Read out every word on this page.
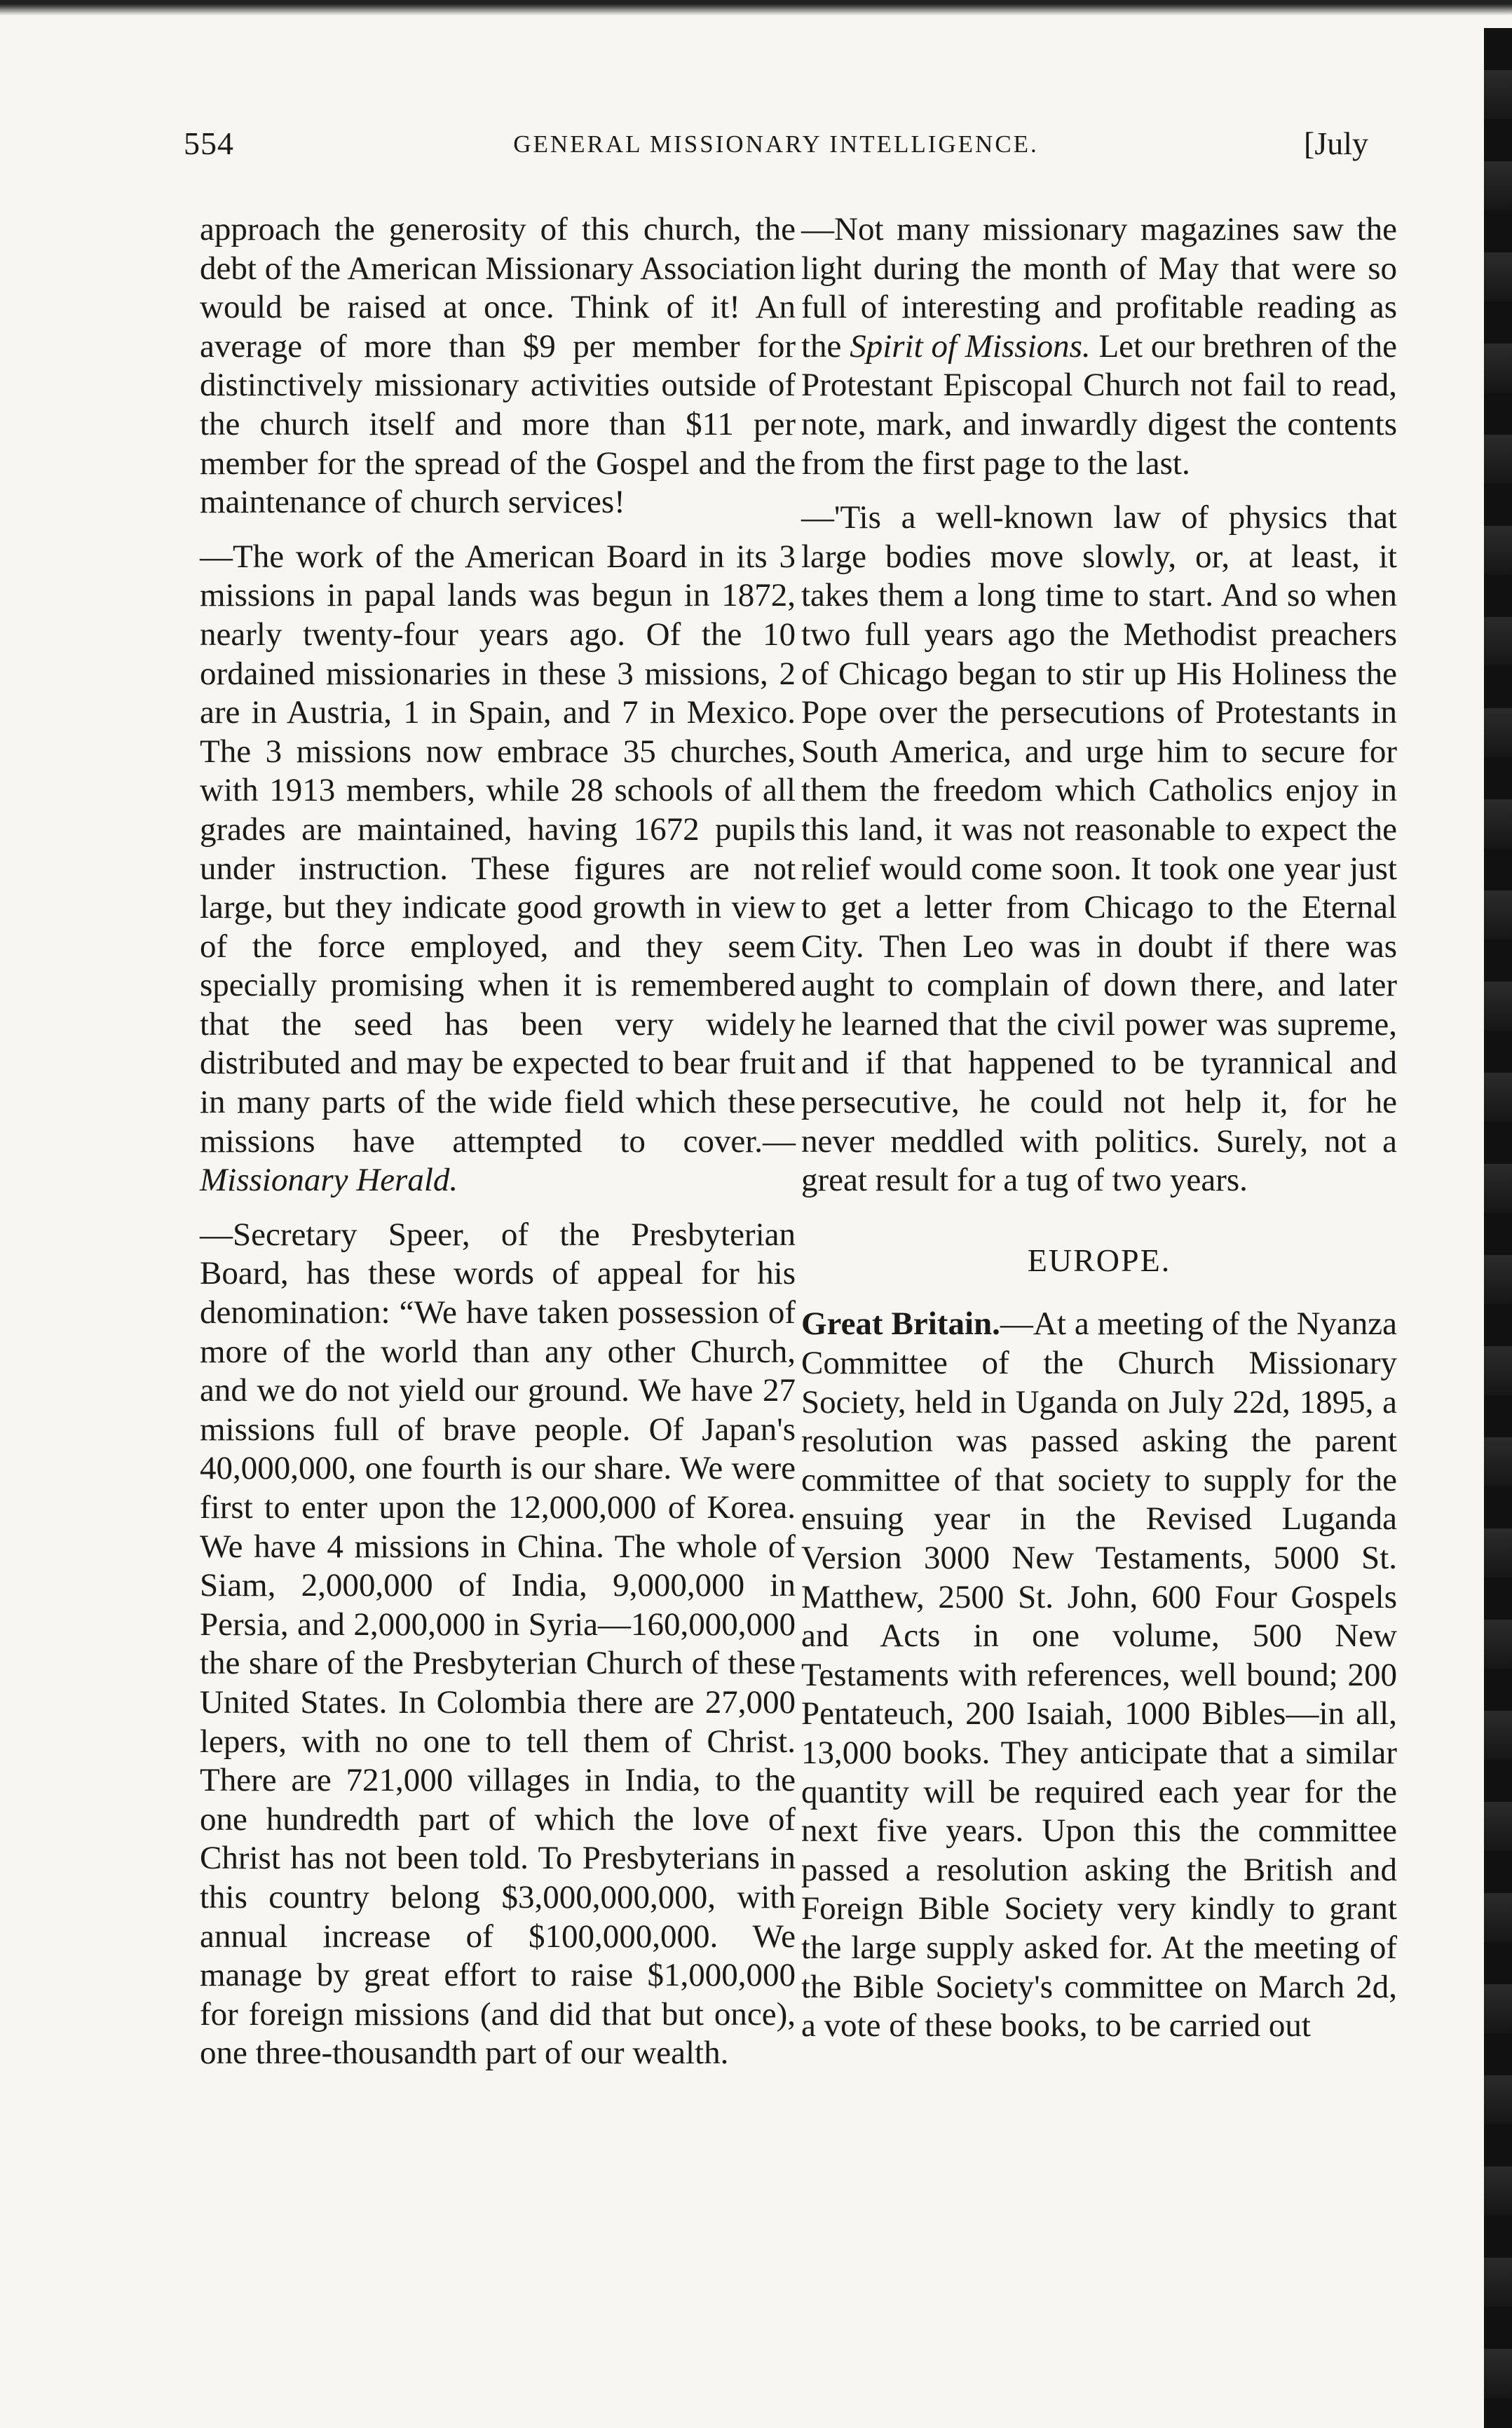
554	GENERAL MISSIONARY INTELLIGENCE.	[July

approach the generosity of this church, the debt of the American Missionary Association would be raised at once. Think of it! An average of more than $9 per member for distinctively missionary activities outside of the church itself and more than $11 per member for the spread of the Gospel and the maintenance of church services!

—The work of the American Board in its 3 missions in papal lands was begun in 1872, nearly twenty-four years ago. Of the 10 ordained missionaries in these 3 missions, 2 are in Austria, 1 in Spain, and 7 in Mexico. The 3 missions now embrace 35 churches, with 1913 members, while 28 schools of all grades are maintained, having 1672 pupils under instruction. These figures are not large, but they indicate good growth in view of the force employed, and they seem specially promising when it is remembered that the seed has been very widely distributed and may be expected to bear fruit in many parts of the wide field which these missions have attempted to cover.—Missionary Herald.

—Secretary Speer, of the Presbyterian Board, has these words of appeal for his denomination: “We have taken possession of more of the world than any other Church, and we do not yield our ground. We have 27 missions full of brave people. Of Japan's 40,000,000, one fourth is our share. We were first to enter upon the 12,000,000 of Korea. We have 4 missions in China. The whole of Siam, 2,000,000 of India, 9,000,000 in Persia, and 2,000,000 in Syria—160,000,000 the share of the Presbyterian Church of these United States. In Colombia there are 27,000 lepers, with no one to tell them of Christ. There are 721,000 villages in India, to the one hundredth part of which the love of Christ has not been told. To Presbyterians in this country belong $3,000,000,000, with annual increase of $100,000,000. We manage by great effort to raise $1,000,000 for foreign missions (and did that but once), one three-thousandth part of our wealth.

—Not many missionary magazines saw the light during the month of May that were so full of interesting and profitable reading as the Spirit of Missions. Let our brethren of the Protestant Episcopal Church not fail to read, note, mark, and inwardly digest the contents from the first page to the last.

—'Tis a well-known law of physics that large bodies move slowly, or, at least, it takes them a long time to start. And so when two full years ago the Methodist preachers of Chicago began to stir up His Holiness the Pope over the persecutions of Protestants in South America, and urge him to secure for them the freedom which Catholics enjoy in this land, it was not reasonable to expect the relief would come soon. It took one year just to get a letter from Chicago to the Eternal City. Then Leo was in doubt if there was aught to complain of down there, and later he learned that the civil power was supreme, and if that happened to be tyrannical and persecutive, he could not help it, for he never meddled with politics. Surely, not a great result for a tug of two years.

EUROPE.

Great Britain.—At a meeting of the Nyanza Committee of the Church Missionary Society, held in Uganda on July 22d, 1895, a resolution was passed asking the parent committee of that society to supply for the ensuing year in the Revised Luganda Version 3000 New Testaments, 5000 St. Matthew, 2500 St. John, 600 Four Gospels and Acts in one volume, 500 New Testaments with references, well bound; 200 Pentateuch, 200 Isaiah, 1000 Bibles—in all, 13,000 books. They anticipate that a similar quantity will be required each year for the next five years. Upon this the committee passed a resolution asking the British and Foreign Bible Society very kindly to grant the large supply asked for. At the meeting of the Bible Society's committee on March 2d, a vote of these books, to be carried out
